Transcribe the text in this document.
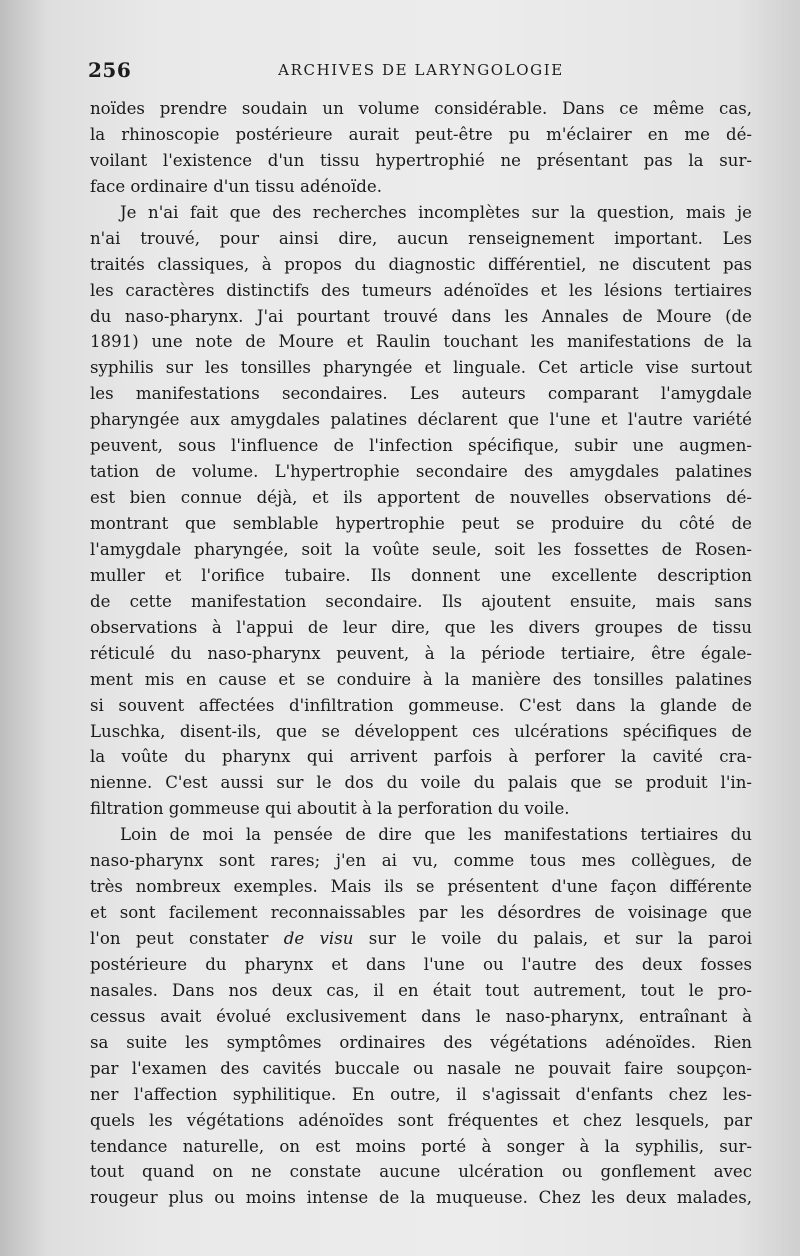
256	ARCHIVES DE LARYNGOLOGIE
noïdes prendre soudain un volume considérable. Dans ce même cas,
la rhinoscopie postérieure aurait peut-être pu m'éclairer en me dé-
voilant l'existence d'un tissu hypertrophié ne présentant pas la sur-
face ordinaire d'un tissu adénoïde.
Je n'ai fait que des recherches incomplètes sur la question, mais je
n'ai trouvé, pour ainsi dire, aucun renseignement important. Les
traités classiques, à propos du diagnostic différentiel, ne discutent pas
les caractères distinctifs des tumeurs adénoïdes et les lésions tertiaires
du naso-pharynx. J'ai pourtant trouvé dans les Annales de Moure (de
1891) une note de Moure et Raulin touchant les manifestations de la
syphilis sur les tonsilles pharyngée et linguale. Cet article vise surtout
les manifestations secondaires. Les auteurs comparant l'amygdale
pharyngée aux amygdales palatines déclarent que l'une et l'autre variété
peuvent, sous l'influence de l'infection spécifique, subir une augmen-
tation de volume. L'hypertrophie secondaire des amygdales palatines
est bien connue déjà, et ils apportent de nouvelles observations dé-
montrant que semblable hypertrophie peut se produire du côté de
l'amygdale pharyngée, soit la voûte seule, soit les fossettes de Rosen-
muller et l'orifice tubaire. Ils donnent une excellente description
de cette manifestation secondaire. Ils ajoutent ensuite, mais sans
observations à l'appui de leur dire, que les divers groupes de tissu
réticulé du naso-pharynx peuvent, à la période tertiaire, être égale-
ment mis en cause et se conduire à la manière des tonsilles palatines
si souvent affectées d'infiltration gommeuse. C'est dans la glande de
Luschka, disent-ils, que se développent ces ulcérations spécifiques de
la voûte du pharynx qui arrivent parfois à perforer la cavité cra-
nienne. C'est aussi sur le dos du voile du palais que se produit l'in-
filtration gommeuse qui aboutit à la perforation du voile.
Loin de moi la pensée de dire que les manifestations tertiaires du
naso-pharynx sont rares; j'en ai vu, comme tous mes collègues, de
très nombreux exemples. Mais ils se présentent d'une façon différente
et sont facilement reconnaissables par les désordres de voisinage que
l'on peut constater de visu sur le voile du palais, et sur la paroi
postérieure du pharynx et dans l'une ou l'autre des deux fosses
nasales. Dans nos deux cas, il en était tout autrement, tout le pro-
cessus avait évolué exclusivement dans le naso-pharynx, entraînant à
sa suite les symptômes ordinaires des végétations adénoïdes. Rien
par l'examen des cavités buccale ou nasale ne pouvait faire soupçon-
ner l'affection syphilitique. En outre, il s'agissait d'enfants chez les-
quels les végétations adénoïdes sont fréquentes et chez lesquels, par
tendance naturelle, on est moins porté à songer à la syphilis, sur-
tout quand on ne constate aucune ulcération ou gonflement avec
rougeur plus ou moins intense de la muqueuse. Chez les deux malades,
